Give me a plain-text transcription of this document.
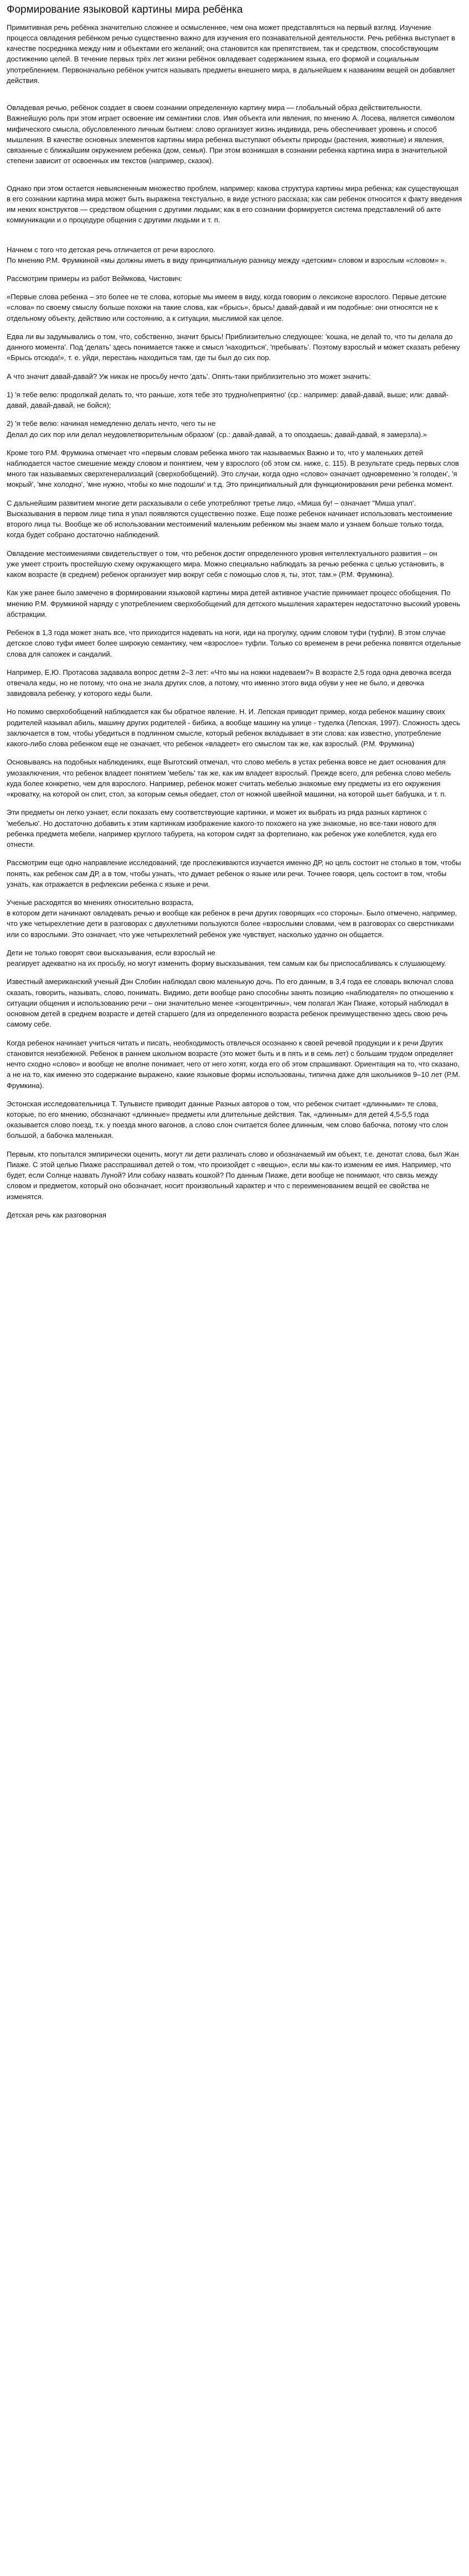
Формирование языковой картины мира ребёнка

Примитивная речь ребёнка значительно сложнее и осмысленнее, чем она может представляться на первый взгляд. Изучение процесса овладения ребёнком речью существенно важно для изучения его познавательной деятельности. Речь ребёнка выступает в качестве посредника между ним и объектами его желаний; она становится как препятствием, так и средством, способствующим достижению целей. В течение первых трёх лет жизни ребёнок овладевает содержанием языка, его формой и социальным употреблением. Первоначально ребёнок учится называть предметы внешнего мира, в дальнейшем к названиям вещей он добавляет действия.

Овладевая речью, ребёнок создает в своем сознании определенную картину мира — глобальный образ действительности. Важнейшую роль при этом играет освоение им семантики слов. Имя объекта или явления, по мнению А. Лосева, является символом мифического смысла, обусловленного личным бытием: слово организует жизнь индивида, речь обеспечивает уровень и способ мышления. В качестве основных элементов картины мира ребенка выступают объекты природы (растения, животные) и явления, связанные с ближайшим окружением ребенка (дом, семья). При этом возникшая в сознании ребенка картина мира в значительной степени зависит от освоенных им текстов (например, сказок).

Однако при этом остается невыясненным множество проблем, например: какова структура картины мира ребенка; как существующая в его сознании картина мира может быть выражена текстуально, в виде устного рассказа; как сам ребенок относится к факту введения им неких конструктов — средством общения с другими людьми; как в его сознании формируется система представлений об акте коммуникации и о процедуре общения с другими людьми и т. п.

Начнем с того что детская речь отличается от речи взрослого.
По мнению Р.М. Фрумкиной «мы должны иметь в виду принципиальную разницу между «детским» словом и взрослым «словом» ».

Рассмотрим примеры из работ Веймкова, Чистович:

«Первые слова ребенка – это более не те слова, которые мы имеем в виду, когда говорим о лексиконе взрослого. Первые детские «слова» по своему смыслу больше похожи на такие слова, как «брысь», брысь! давай-давай и им подобные: они относятся не к отдельному объекту, действию или состоянию, а к ситуации, мыслимой как целое.

Едва ли вы задумывались о том, что, собственно, значит брысь! Приблизительно следующее: 'кошка, не делай то, что ты делала до данного момента'. Под 'делать' здесь понимается также и смысл 'находиться', 'пребывать'. Поэтому взрослый и может сказать ребенку «Брысь отсюда!», т. е. уйди, перестань находиться там, где ты был до сих пор.

А что значит давай-давай? Уж никак не просьбу нечто 'дать'. Опять-таки приблизительно это может значить:

1) 'я тебе велю: продолжай делать то, что раньше, хотя тебе это трудно/неприятно' (ср.: например: давай-давай, выше; или: давай-давай, давай-давай, не бойся);

2) 'я тебе велю: начиная немедленно делать нечто, чего ты не
Делал до сих пор или делал неудовлетворительным образом' (ср.: давай-давай, а то опоздаешь; давай-давай, я замерзла).»

Кроме того Р.М. Фрумкина отмечает что «первым словам ребенка много так называемых Важно и то, что у маленьких детей наблюдается частое смешение между словом и понятием, чем у взрослого (об этом см. ниже, с. 115). В результате средь первых слов много так называемых сверхгенерализаций (сверхобобщений). Это случаи, когда одно «слово» означает одновременно 'я голоден', 'я мокрый', 'мне холодно', 'мне нужно, чтобы ко мне подошли' и т.д. Это принципиальный для функционирования речи ребенка момент.

С дальнейшим развитием многие дети расказывали о себе употребляют третье лицо, «Миша бу! – означает "Миша упал'. Высказывания в первом лице типа я упал появляются существенно позже. Еще позже ребенок начинает использовать местоимение второго лица ты. Вообще же об использовании местоимений маленьким ребенком мы знаем мало и узнаем больше только тогда, когда будет собрано достаточно наблюдений.

Овладение местоимениями свидетельствует о том, что ребенок достиг определенного уровня интеллектуального развития – он
уже умеет строить простейшую схему окружающего мира. Можно специально наблюдать за речью ребенка с целью установить, в каком возрасте (в среднем) ребенок организует мир вокруг себя с помощью слов я, ты, этот, там.» (Р.М. Фрумкина).

Как уже ранее было замечено в формировании языковой картины мира детей активное участие принимает процесс обобщения. По мнению Р.М. Фрумкиной наряду с употреблением сверхобобщений для детского мышления характерен недостаточно высокий уровень абстракции.

Ребенок в 1,3 года может знать все, что приходится надевать на ноги, иди на прогулку, одним словом туфи (туфли). В этом случае детское слово туфи имеет более широкую семантику, чем «взрослое» туфли. Только со временем в речи ребенка появятся отдельные слова для сапожек и сандалий.

Например, Е.Ю. Протасова задавала вопрос детям 2–3 лет: «Что мы на ножки надеваем?» В возрасте 2,5 года одна девочка всегда отвечала кеды, но не потому, что она не знала других слов, а потому, что именно этого вида обуви у нее не было, и девочка завидовала ребенку, у которого кеды были.

Но помимо сверхобобщений наблюдается как бы обратное явление. Н. И. Лепская приводит пример, когда ребенок машину своих родителей называл абиль, машину других родителей - бибика, а вообще машину на улице - туделка (Лепская, 1997). Сложность здесь заключается в том, чтобы убедиться в подлинном смысле, который ребенок вкладывает в эти слова: как известно, употребление какого-либо слова ребенком еще не означает, что ребенок «владеет» его смыслом так же, как взрослый. (Р.М. Фрумкина)

Основываясь на подобных наблюдениях, еще Выготский отмечал, что слово мебель в устах ребенка вовсе не дает основания для умозаключения, что ребенок владеет понятием 'мебель' так же, как им владеет взрослый. Прежде всего, для ребенка слово мебель куда более конкретно, чем для взрослого. Например, ребенок может считать мебелью знакомые ему предметы из его окружения «кроватку, на которой он спит, стол, за которым семья обедает, стол от ножной швейной машинки, на которой шьет бабушка, и т. п.

Эти предметы он легко узнает, если показать ему соответствующие картинки, и может их выбрать из ряда разных картинок с 'мебелью'. Но достаточно добавить к этим картинкам изображение какого-то похожего на уже знакомые, но все-таки нового для ребенка предмета мебели, например круглого табурета, на котором сидят за фортепиано, как ребенок уже колеблется, куда его отнести.

Рассмотрим еще одно направление исследований, где прослеживаются изучается именно ДР, но цель состоит не столько в том, чтобы понять, как ребенок сам ДР, а в том, чтобы узнать, что думает ребенок о языке или речи. Точнее говоря, цель состоит в том, чтобы узнать, как отражается в рефлексии ребенка с языке и речи.

Ученые расходятся во мнениях относительно возраста,
в котором дети начинают овладевать речью и вообще как ребенок в речи других говорящих «со стороны». Было отмечено, например, что уже четырехлетние дети в разговорах с двухлетними пользуются более «взрослыми словами, чем в разговорах со сверстниками или со взрослыми. Это означает, что уже четырехлетний ребенок уже чувствует, насколько удачно он общается.

Дети не только говорят свои высказывания, если взрослый не
реагирует адекватно на их просьбу, но могут изменить форму высказывания, тем самым как бы приспосабливаясь к слушающему.

Известный американский ученый Дэн Слобин наблюдал свою маленькую дочь. По его данным, в 3,4 года ее словарь включал слова сказать, говорить, называть, слово, понимать. Видимо, дети вообще рано способны занять позицию «наблюдателя» по отношению к ситуации общения и использованию речи – они значительно менее «эгоцентричны», чем полагал Жан Пиаже, который наблюдал в основном детей в среднем возрасте и детей старшего (для из определенного возраста ребенок преимущественно здесь свою речь самому себе.

Когда ребенок начинает учиться читать и писать, необходимость отвлечься осознанно к своей речевой продукции и к речи Других становится неизбежной. Ребенок в раннем школьном возрасте (это может быть и в пять и в семь лет) с большим трудом определяет нечто сходно «слово» и вообще не вполне понимает, чего от него хотят, когда его об этом спрашивают. Ориентация на то, что сказано, а не на то, как именно это содержание выражено, какие языковые формы использованы, типична даже для школьников 9–10 лет (Р.М. Фрумкина).

Эстонская исследовательница Т. Тульвисте приводит данные Разных авторов о том, что ребенок считает «длинными» те слова, которые, по его мнению, обозначают «длинные» предметы или длительные действия. Так, «длинным» для детей 4,5-5,5 года оказывается слово поезд, т.к. у поезда много вагонов, а слово слон считается более длинным, чем слово бабочка, потому что слон большой, а бабочка маленькая.

Первым, кто попытался эмпирически оценить, могут ли дети различать слово и обозначаемый им объект, т.е. денотат слова, был Жан Пиаже. С этой целью Пиаже расспрашивал детей о том, что произойдет с «вещью», если мы как-то изменим ее имя. Например, что будет, если Солнце назвать Луной? Или собаку назвать кошкой? По данным Пиаже, дети вообще не понимают, что связь между словом и предметом, который оно обозначает, носит произвольный характер и что с переименованием вещей ее свойства не изменятся.

Детская речь как разговорная
